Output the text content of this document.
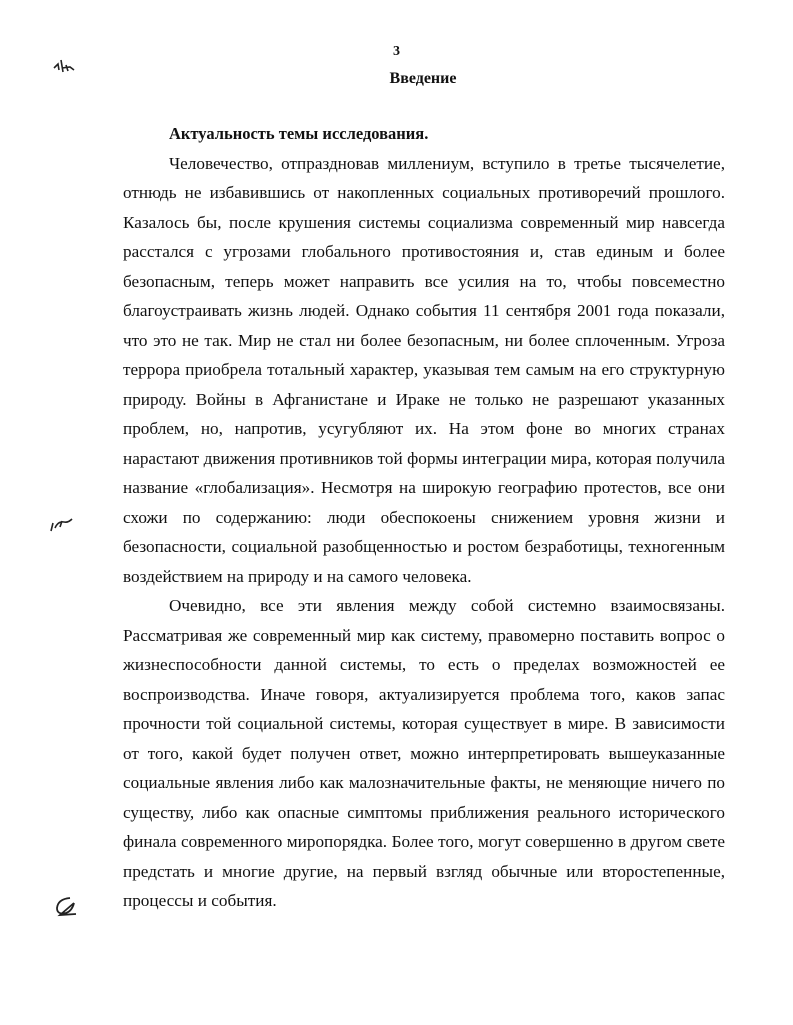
3
Введение
Актуальность темы исследования.

Человечество, отпраздновав миллениум, вступило в третье тысячелетие, отнюдь не избавившись от накопленных социальных противоречий прошлого. Казалось бы, после крушения системы социализма современный мир навсегда расстался с угрозами глобального противостояния и, став единым и более безопасным, теперь может направить все усилия на то, чтобы повсеместно благоустраивать жизнь людей. Однако события 11 сентября 2001 года показали, что это не так. Мир не стал ни более безопасным, ни более сплоченным. Угроза террора приобрела тотальный характер, указывая тем самым на его структурную природу. Войны в Афганистане и Ираке не только не разрешают указанных проблем, но, напротив, усугубляют их. На этом фоне во многих странах нарастают движения противников той формы интеграции мира, которая получила название «глобализация». Несмотря на широкую географию протестов, все они схожи по содержанию: люди обеспокоены снижением уровня жизни и безопасности, социальной разобщенностью и ростом безработицы, техногенным воздействием на природу и на самого человека.

Очевидно, все эти явления между собой системно взаимосвязаны. Рассматривая же современный мир как систему, правомерно поставить вопрос о жизнеспособности данной системы, то есть о пределах возможностей ее воспроизводства. Иначе говоря, актуализируется проблема того, каков запас прочности той социальной системы, которая существует в мире. В зависимости от того, какой будет получен ответ, можно интерпретировать вышеуказанные социальные явления либо как малозначительные факты, не меняющие ничего по существу, либо как опасные симптомы приближения реального исторического финала современного миропорядка. Более того, могут совершенно в другом свете предстать и многие другие, на первый взгляд обычные или второстепенные, процессы и события.
